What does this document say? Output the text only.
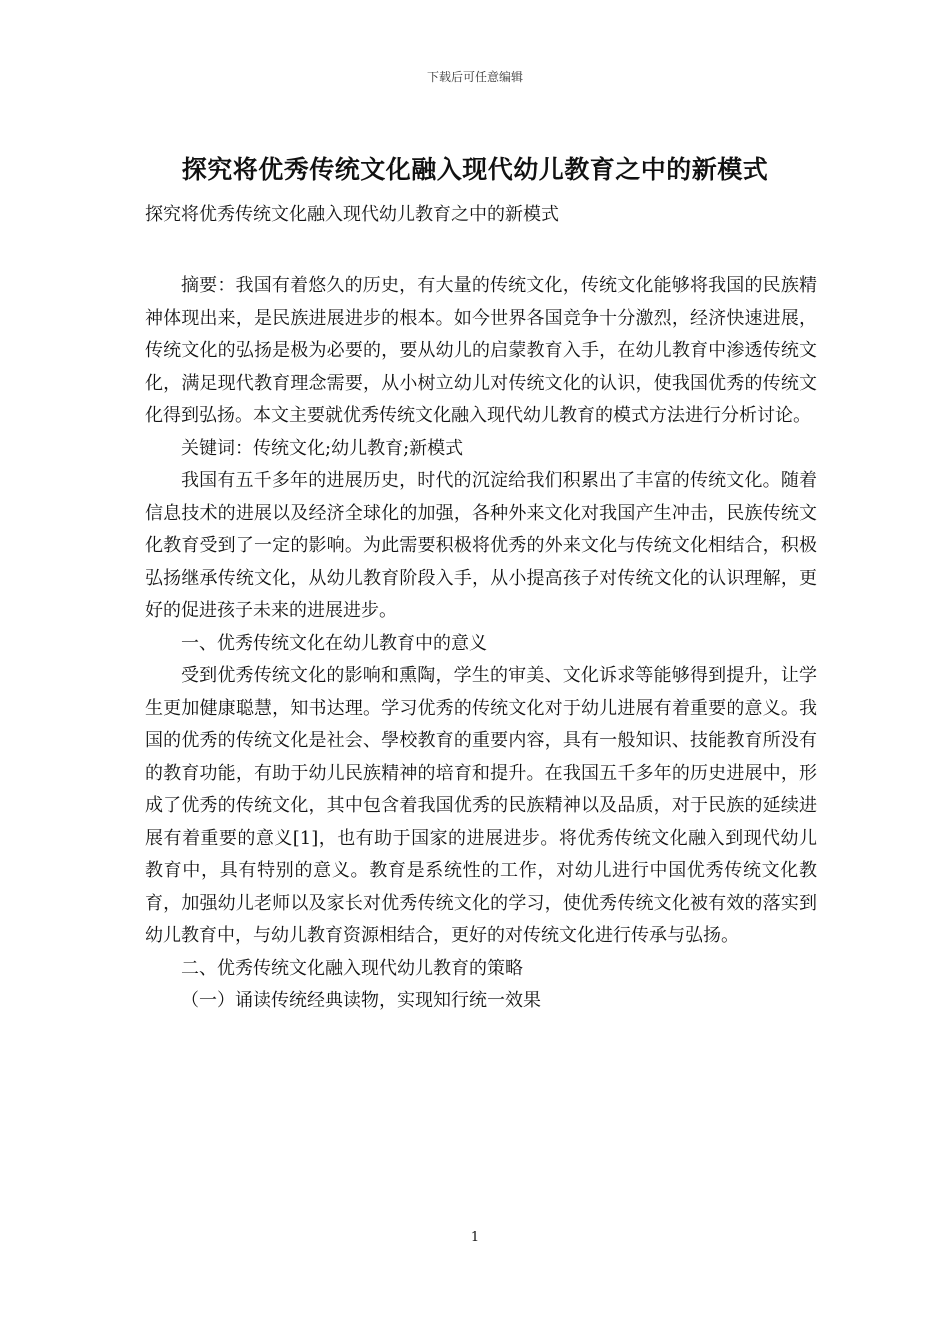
下载后可任意编辑
探究将优秀传统文化融入现代幼儿教育之中的新模式
探究将优秀传统文化融入现代幼儿教育之中的新模式

摘要：我国有着悠久的历史，有大量的传统文化，传统文化能够将我国的民族精神体现出来，是民族进展进步的根本。如今世界各国竞争十分激烈，经济快速进展，传统文化的弘扬是极为必要的，要从幼儿的启蒙教育入手，在幼儿教育中渗透传统文化，满足现代教育理念需要，从小树立幼儿对传统文化的认识，使我国优秀的传统文化得到弘扬。本文主要就优秀传统文化融入现代幼儿教育的模式方法进行分析讨论。

关键词：传统文化;幼儿教育;新模式

我国有五千多年的进展历史，时代的沉淀给我们积累出了丰富的传统文化。随着信息技术的进展以及经济全球化的加强，各种外来文化对我国产生冲击，民族传统文化教育受到了一定的影响。为此需要积极将优秀的外来文化与传统文化相结合，积极弘扬继承传统文化，从幼儿教育阶段入手，从小提高孩子对传统文化的认识理解，更好的促进孩子未来的进展进步。

一、优秀传统文化在幼儿教育中的意义

受到优秀传统文化的影响和熏陶，学生的审美、文化诉求等能够得到提升，让学生更加健康聪慧，知书达理。学习优秀的传统文化对于幼儿进展有着重要的意义。我国的优秀的传统文化是社会、學校教育的重要内容，具有一般知识、技能教育所没有的教育功能，有助于幼儿民族精神的培育和提升。在我国五千多年的历史进展中，形成了优秀的传统文化，其中包含着我国优秀的民族精神以及品质，对于民族的延续进展有着重要的意义[1]，也有助于国家的进展进步。将优秀传统文化融入到现代幼儿教育中，具有特别的意义。教育是系统性的工作，对幼儿进行中国优秀传统文化教育，加强幼儿老师以及家长对优秀传统文化的学习，使优秀传统文化被有效的落实到幼儿教育中，与幼儿教育资源相结合，更好的对传统文化进行传承与弘扬。

二、优秀传统文化融入现代幼儿教育的策略

（一）诵读传统经典读物，实现知行统一效果

1
